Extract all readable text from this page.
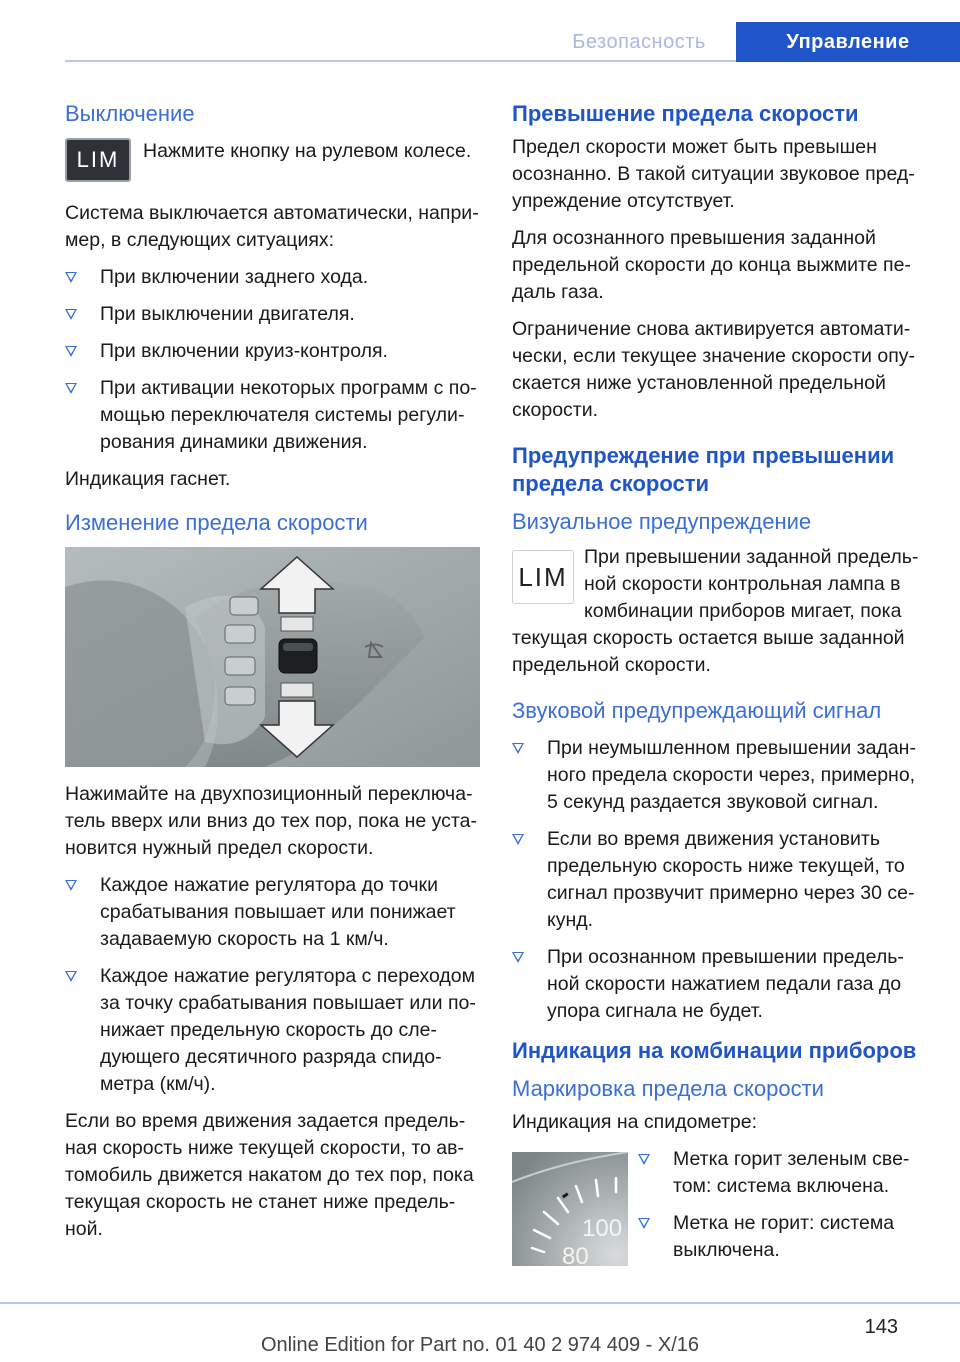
Безопасность	Управление
Выключение
LIM	Нажмите кнопку на рулевом колесе.

Система выключается автоматически, напри-мер, в следующих ситуациях:

При включении заднего хода.
При выключении двигателя.
При включении круиз-контроля.
При активации некоторых программ с по-мощью переключателя системы регули-рования динамики движения.

Индикация гаснет.

Изменение предела скорости

Нажимайте на двухпозиционный переключа-тель вверх или вниз до тех пор, пока не уста-новится нужный предел скорости.

Каждое нажатие регулятора до точки срабатывания повышает или понижает задаваемую скорость на 1 км/ч.
Каждое нажатие регулятора с переходом за точку срабатывания повышает или по-нижает предельную скорость до сле-дующего десятичного разряда спидо-метра (км/ч).

Если во время движения задается предель-ная скорость ниже текущей скорости, то ав-томобиль движется накатом до тех пор, пока текущая скорость не станет ниже предель-ной.

Превышение предела скорости

Предел скорости может быть превышен осознанно. В такой ситуации звуковое пред-упреждение отсутствует.

Для осознанного превышения заданной предельной скорости до конца выжмите пе-даль газа.

Ограничение снова активируется автомати-чески, если текущее значение скорости опу-скается ниже установленной предельной скорости.

Предупреждение при превышении предела скорости
Визуальное предупреждение
LIM

При превышении заданной предель-ной скорости контрольная лампа в комбинации приборов мигает, пока текущая скорость остается выше заданной предельной скорости.

Звуковой предупреждающий сигнал
При неумышленном превышении задан-ного предела скорости через, примерно, 5 секунд раздается звуковой сигнал.
Если во время движения установить предельную скорость ниже текущей, то сигнал прозвучит примерно через 30 се-кунд.
При осознанном превышении предель-ной скорости нажатием педали газа до упора сигнала не будет.
Индикация на комбинации приборов
Маркировка предела скорости

Индикация на спидометре:

100
80
Метка горит зеленым све-том: система включена.
Метка не горит: система выключена.
143
Online Edition for Part no. 01 40 2 974 409 - X/16
